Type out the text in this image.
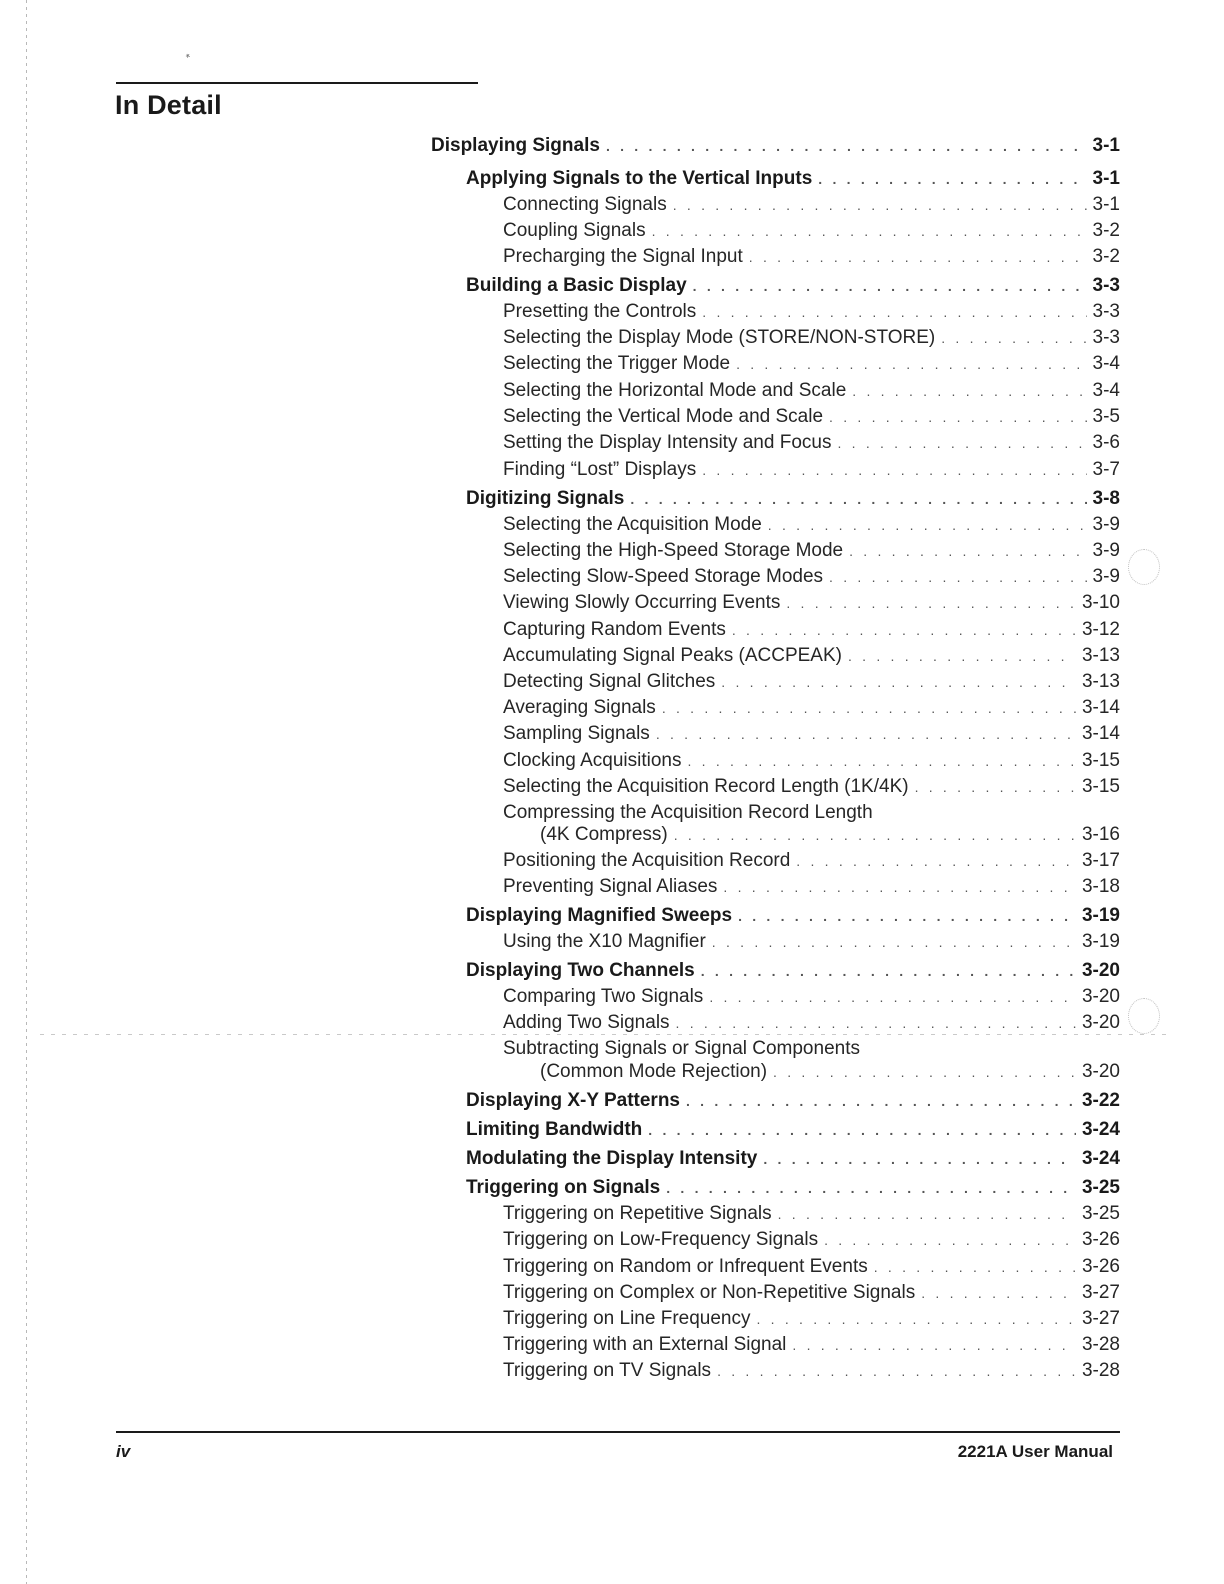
*
In Detail
Displaying Signals . . .	3-1
Applying Signals to the Vertical Inputs . . .	3-1
Connecting Signals . . .	3-1
Coupling Signals . . .	3-2
Precharging the Signal Input . . .	3-2
Building a Basic Display . . .	3-3
Presetting the Controls . . .	3-3
Selecting the Display Mode (STORE/NON-STORE) . . .	3-3
Selecting the Trigger Mode . . .	3-4
Selecting the Horizontal Mode and Scale . . .	3-4
Selecting the Vertical Mode and Scale . . .	3-5
Setting the Display Intensity and Focus . . .	3-6
Finding “Lost” Displays . . .	3-7
Digitizing Signals . . .	3-8
Selecting the Acquisition Mode . . .	3-9
Selecting the High-Speed Storage Mode . . .	3-9
Selecting Slow-Speed Storage Modes . . .	3-9
Viewing Slowly Occurring Events . . .	3-10
Capturing Random Events . . .	3-12
Accumulating Signal Peaks (ACCPEAK) . . .	3-13
Detecting Signal Glitches . . .	3-13
Averaging Signals . . .	3-14
Sampling Signals . . .	3-14
Clocking Acquisitions . . .	3-15
Selecting the Acquisition Record Length (1K/4K) . . .	3-15
Compressing the Acquisition Record Length
(4K Compress) . . .	3-16
Positioning the Acquisition Record . . .	3-17
Preventing Signal Aliases . . .	3-18
Displaying Magnified Sweeps . . .	3-19
Using the X10 Magnifier . . .	3-19
Displaying Two Channels . . .	3-20
Comparing Two Signals . . .	3-20
Adding Two Signals . . .	3-20
Subtracting Signals or Signal Components
(Common Mode Rejection) . . .	3-20
Displaying X-Y Patterns . . .	3-22
Limiting Bandwidth . . .	3-24
Modulating the Display Intensity . . .	3-24
Triggering on Signals . . .	3-25
Triggering on Repetitive Signals . . .	3-25
Triggering on Low-Frequency Signals . . .	3-26
Triggering on Random or Infrequent Events . . .	3-26
Triggering on Complex or Non-Repetitive Signals . . .	3-27
Triggering on Line Frequency . . .	3-27
Triggering with an External Signal . . .	3-28
Triggering on TV Signals . . .	3-28
iv	2221A User Manual
